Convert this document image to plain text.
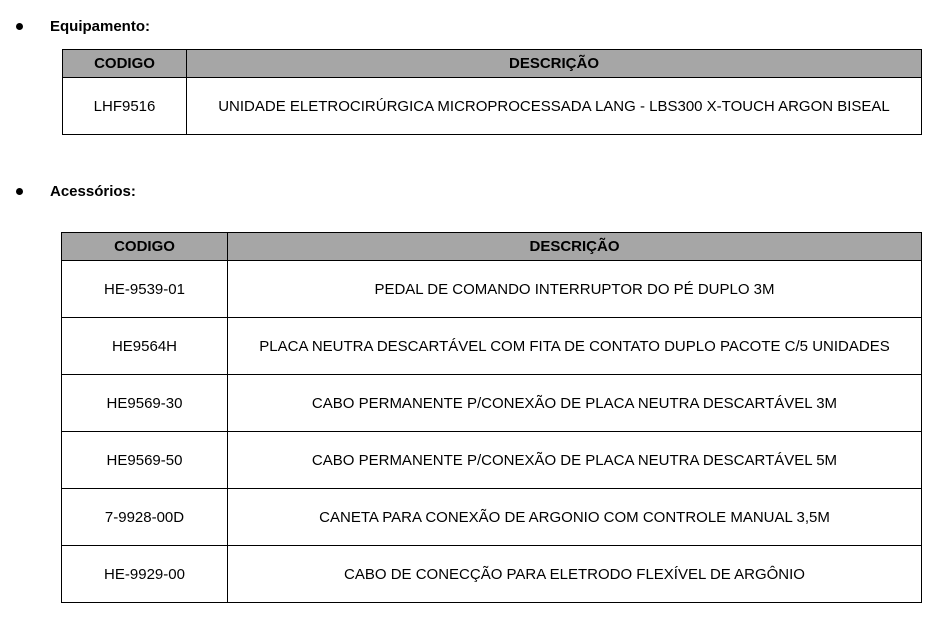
Equipamento:
CODIGO	DESCRIÇÃO
LHF9516	UNIDADE ELETROCIRÚRGICA MICROPROCESSADA LANG - LBS300 X-TOUCH ARGON BISEAL
Acessórios:
CODIGO	DESCRIÇÃO
HE-9539-01	PEDAL DE COMANDO INTERRUPTOR DO PÉ DUPLO 3M
HE9564H	PLACA NEUTRA DESCARTÁVEL COM FITA DE CONTATO DUPLO PACOTE C/5 UNIDADES
HE9569-30	CABO PERMANENTE P/CONEXÃO DE PLACA NEUTRA DESCARTÁVEL 3M
HE9569-50	CABO PERMANENTE P/CONEXÃO DE PLACA NEUTRA DESCARTÁVEL 5M
7-9928-00D	CANETA PARA CONEXÃO DE ARGONIO COM CONTROLE MANUAL 3,5M
HE-9929-00	CABO DE CONECÇÃO PARA ELETRODO FLEXÍVEL DE ARGÔNIO
